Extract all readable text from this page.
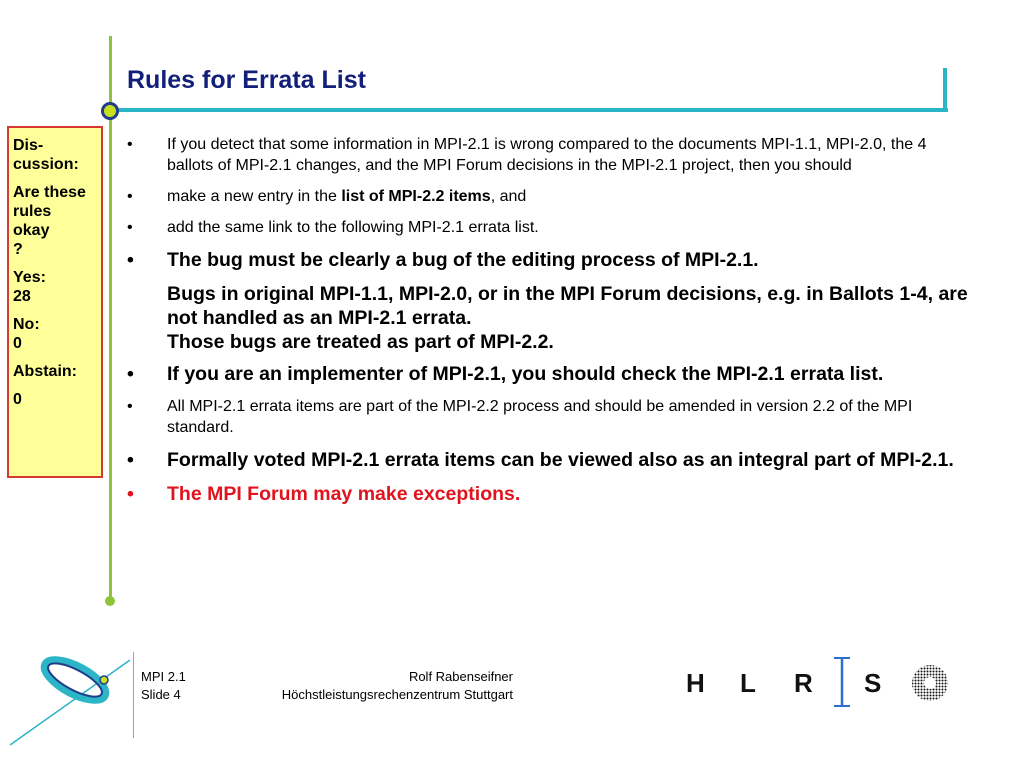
Rules for Errata List

Dis-
cussion:

Are these
rules
okay
?

Yes:
28

No:
0

Abstain:

0

• If you detect that some information in MPI-2.1 is wrong compared to the documents MPI-1.1, MPI-2.0, the 4 ballots of MPI-2.1 changes, and the MPI Forum decisions in the MPI-2.1 project, then you should
• make a new entry in the list of MPI-2.2 items, and
• add the same link to the following MPI-2.1 errata list.
• The bug must be clearly a bug of the editing process of MPI-2.1.
Bugs in original MPI-1.1, MPI-2.0, or in the MPI Forum decisions, e.g. in Ballots 1-4, are not handled as an MPI-2.1 errata.
Those bugs are treated as part of MPI-2.2.
• If you are an implementer of MPI-2.1, you should check the MPI-2.1 errata list.
• All MPI-2.1 errata items are part of the MPI-2.2 process and should be amended in version 2.2 of the MPI standard.
• Formally voted MPI-2.1 errata items can be viewed also as an integral part of MPI-2.1.
• The MPI Forum may make exceptions.
MPI 2.1	Rolf Rabenseifner
Slide 4	Höchstleistungsrechenzentrum Stuttgart	H L R S
